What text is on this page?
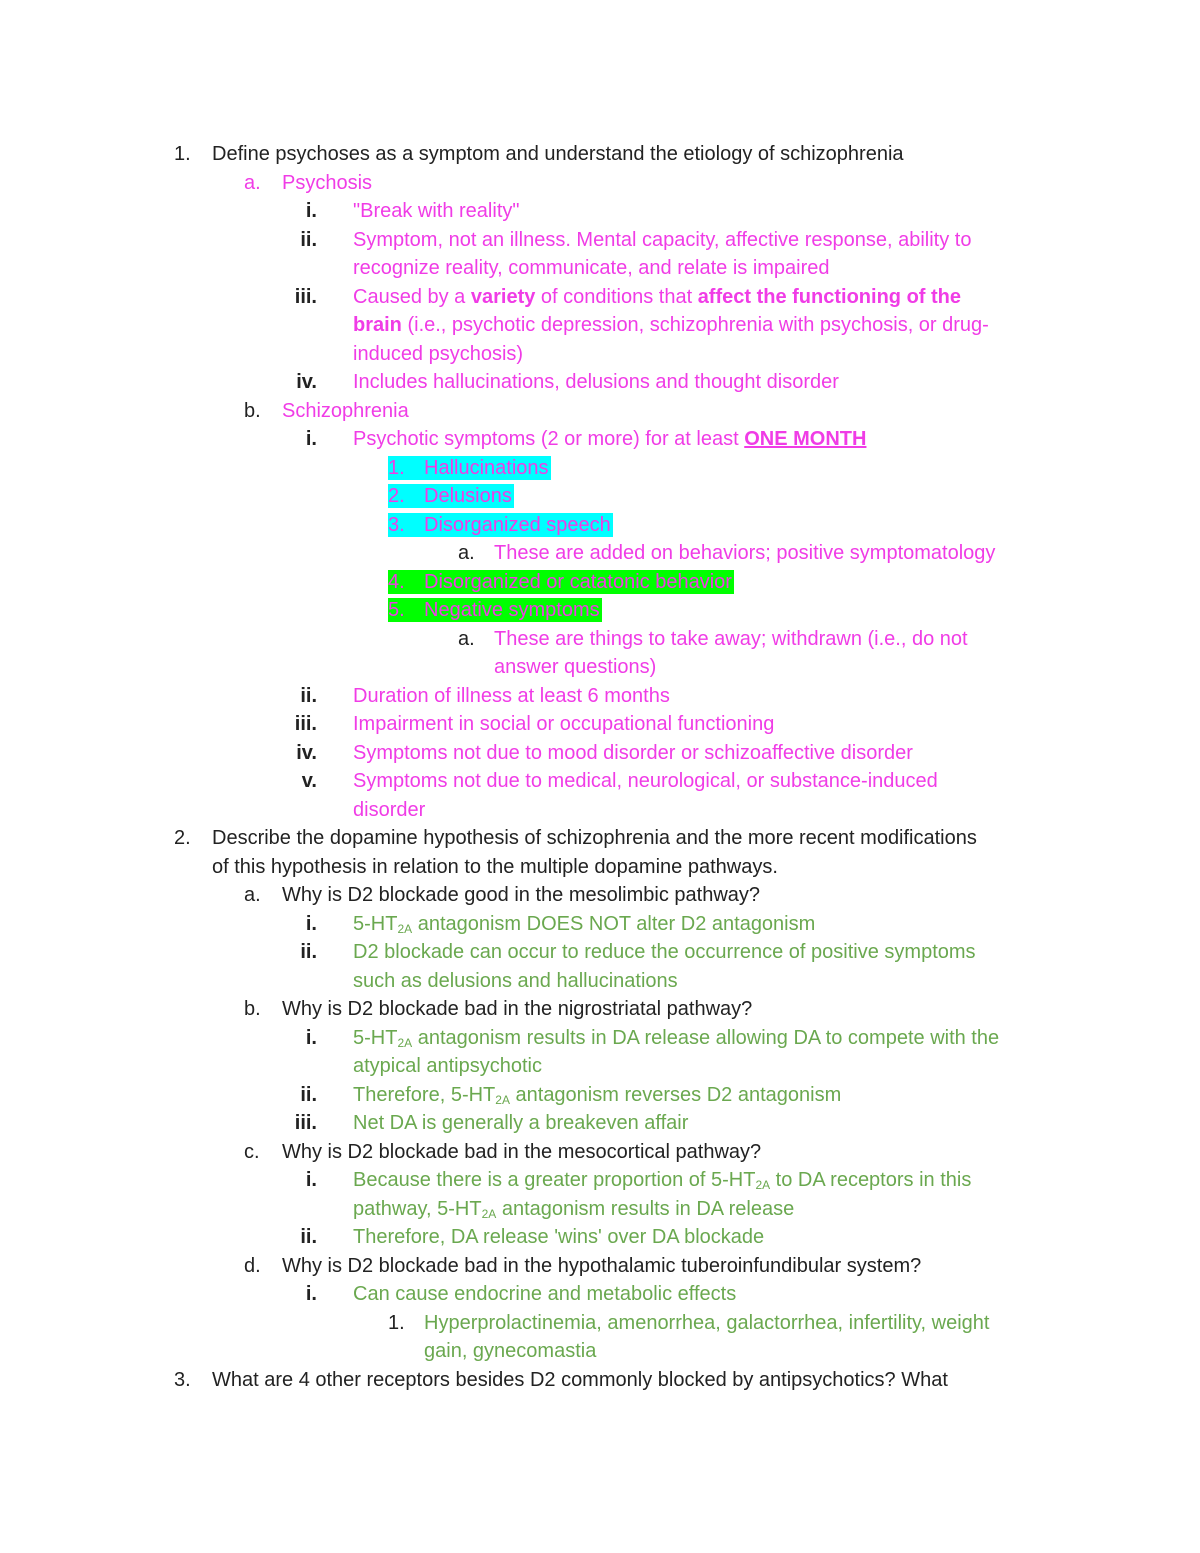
1. Define psychoses as a symptom and understand the etiology of schizophrenia
a. Psychosis
i. "Break with reality"
ii. Symptom, not an illness. Mental capacity, affective response, ability to
recognize reality, communicate, and relate is impaired
iii. Caused by a variety of conditions that affect the functioning of the
brain (i.e., psychotic depression, schizophrenia with psychosis, or drug-
induced psychosis)
iv. Includes hallucinations, delusions and thought disorder
b. Schizophrenia
i. Psychotic symptoms (2 or more) for at least ONE MONTH
1. Hallucinations
2. Delusions
3. Disorganized speech
a. These are added on behaviors; positive symptomatology
4. Disorganized or catatonic behavior
5. Negative symptoms
a. These are things to take away; withdrawn (i.e., do not
answer questions)
ii. Duration of illness at least 6 months
iii. Impairment in social or occupational functioning
iv. Symptoms not due to mood disorder or schizoaffective disorder
v. Symptoms not due to medical, neurological, or substance-induced
disorder
2. Describe the dopamine hypothesis of schizophrenia and the more recent modifications
of this hypothesis in relation to the multiple dopamine pathways.
a. Why is D2 blockade good in the mesolimbic pathway?
i. $5-HT_{2A}$ antagonism DOES NOT alter D2 antagonism
ii. D2 blockade can occur to reduce the occurrence of positive symptoms
such as delusions and hallucinations
b. Why is D2 blockade bad in the nigrostriatal pathway?
i. $5-HT_{2A}$ antagonism results in DA release allowing DA to compete with the
atypical antipsychotic
ii. Therefore, $5-HT_{2A}$ antagonism reverses D2 antagonism
iii. Net DA is generally a breakeven affair
c. Why is D2 blockade bad in the mesocortical pathway?
i. Because there is a greater proportion of $5-HT_{2A}$ to DA receptors in this
pathway, $5-HT_{2A}$ antagonism results in DA release
ii. Therefore, DA release 'wins' over DA blockade
d. Why is D2 blockade bad in the hypothalamic tuberoinfundibular system?
i. Can cause endocrine and metabolic effects
1. Hyperprolactinemia, amenorrhea, galactorrhea, infertility, weight
gain, gynecomastia
3. What are 4 other receptors besides D2 commonly blocked by antipsychotics? What
